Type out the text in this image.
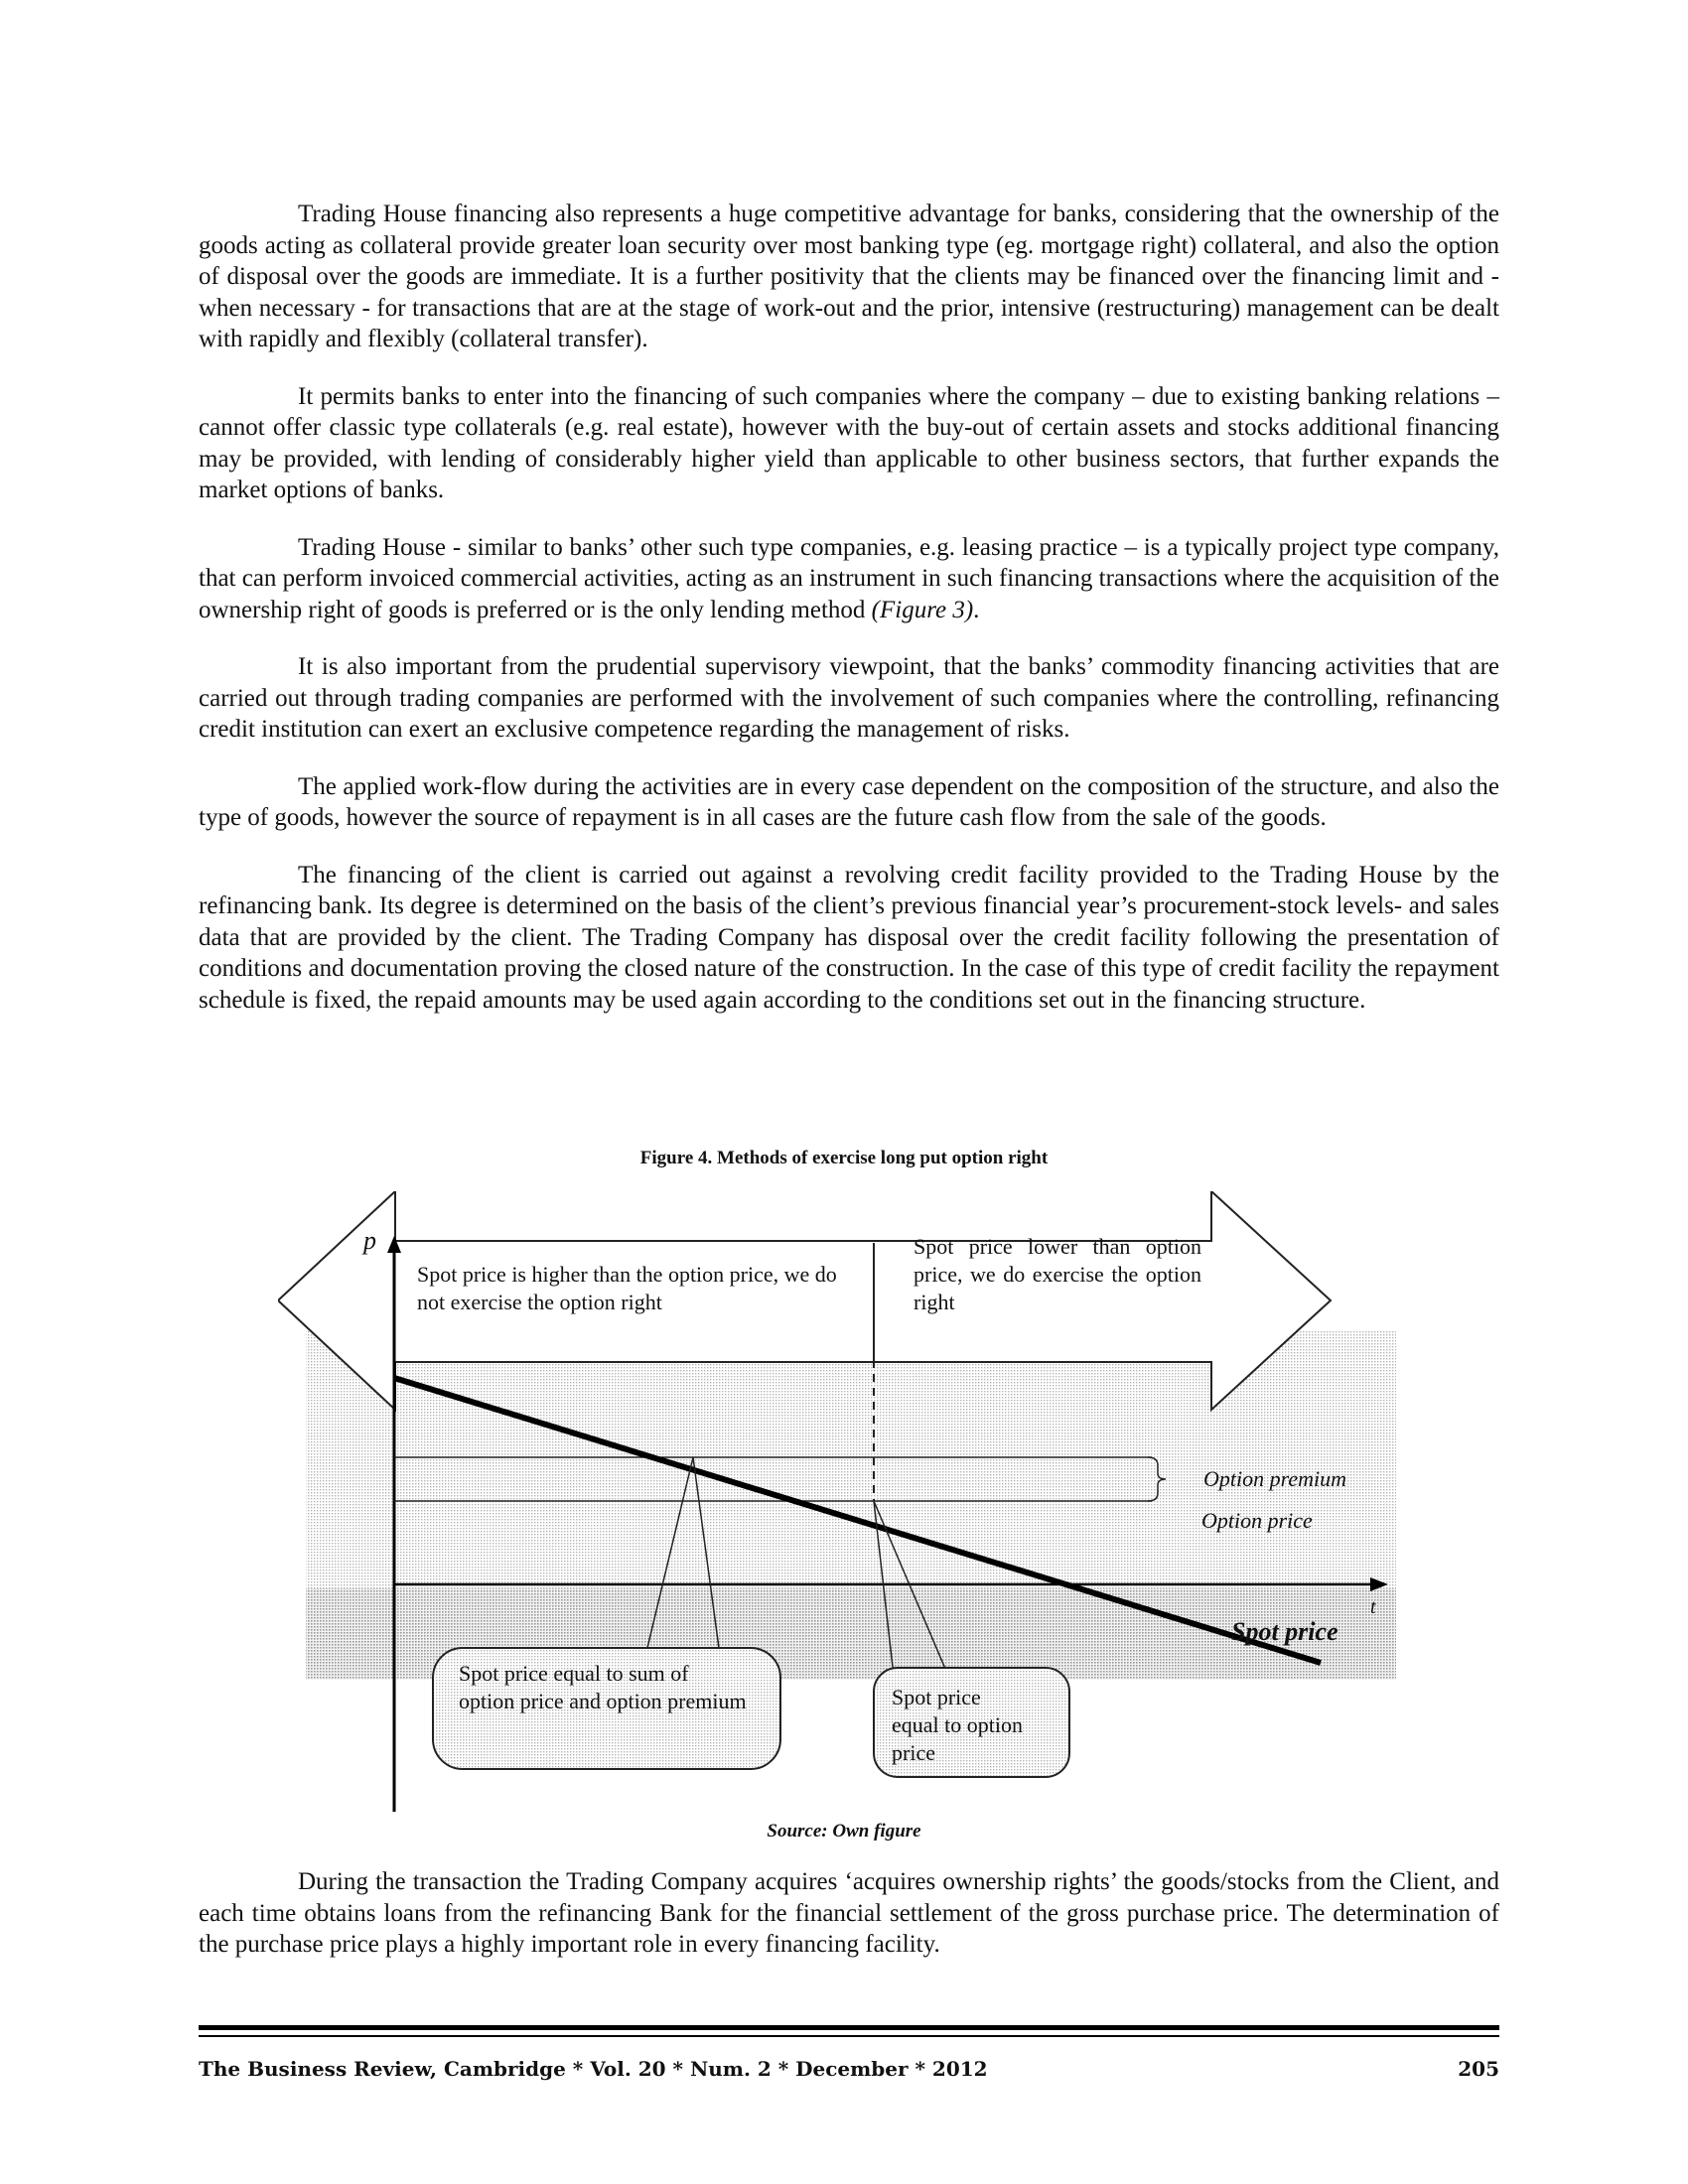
Trading House financing also represents a huge competitive advantage for banks, considering that the ownership of the goods acting as collateral provide greater loan security over most banking type (eg. mortgage right) collateral, and also the option of disposal over the goods are immediate. It is a further positivity that the clients may be financed over the financing limit and - when necessary - for transactions that are at the stage of work-out and the prior, intensive (restructuring) management can be dealt with rapidly and flexibly (collateral transfer).

It permits banks to enter into the financing of such companies where the company – due to existing banking relations – cannot offer classic type collaterals (e.g. real estate), however with the buy-out of certain assets and stocks additional financing may be provided, with lending of considerably higher yield than applicable to other business sectors, that further expands the market options of banks.

Trading House - similar to banks’ other such type companies, e.g. leasing practice – is a typically project type company, that can perform invoiced commercial activities, acting as an instrument in such financing transactions where the acquisition of the ownership right of goods is preferred or is the only lending method (Figure 3).

It is also important from the prudential supervisory viewpoint, that the banks’ commodity financing activities that are carried out through trading companies are performed with the involvement of such companies where the controlling, refinancing credit institution can exert an exclusive competence regarding the management of risks.

The applied work-flow during the activities are in every case dependent on the composition of the structure, and also the type of goods, however the source of repayment is in all cases are the future cash flow from the sale of the goods.

The financing of the client is carried out against a revolving credit facility provided to the Trading House by the refinancing bank. Its degree is determined on the basis of the client’s previous financial year’s procurement-stock levels- and sales data that are provided by the client. The Trading Company has disposal over the credit facility following the presentation of conditions and documentation proving the closed nature of the construction. In the case of this type of credit facility the repayment schedule is fixed, the repaid amounts may be used again according to the conditions set out in the financing structure.

Figure 4. Methods of exercise long put option right
p
t
Spot price is higher than the option price, we do not exercise the option right
Spot price lower than option price, we do exercise the option right
Option premium
Option price
Spot price
Spot price equal to sum of option price and option premium	Spot price equal to option price
Source: Own figure

During the transaction the Trading Company acquires ‘acquires ownership rights’ the goods/stocks from the Client, and each time obtains loans from the refinancing Bank for the financial settlement of the gross purchase price. The determination of the purchase price plays a highly important role in every financing facility.

The Business Review, Cambridge * Vol. 20 * Num. 2 * December * 2012	205
